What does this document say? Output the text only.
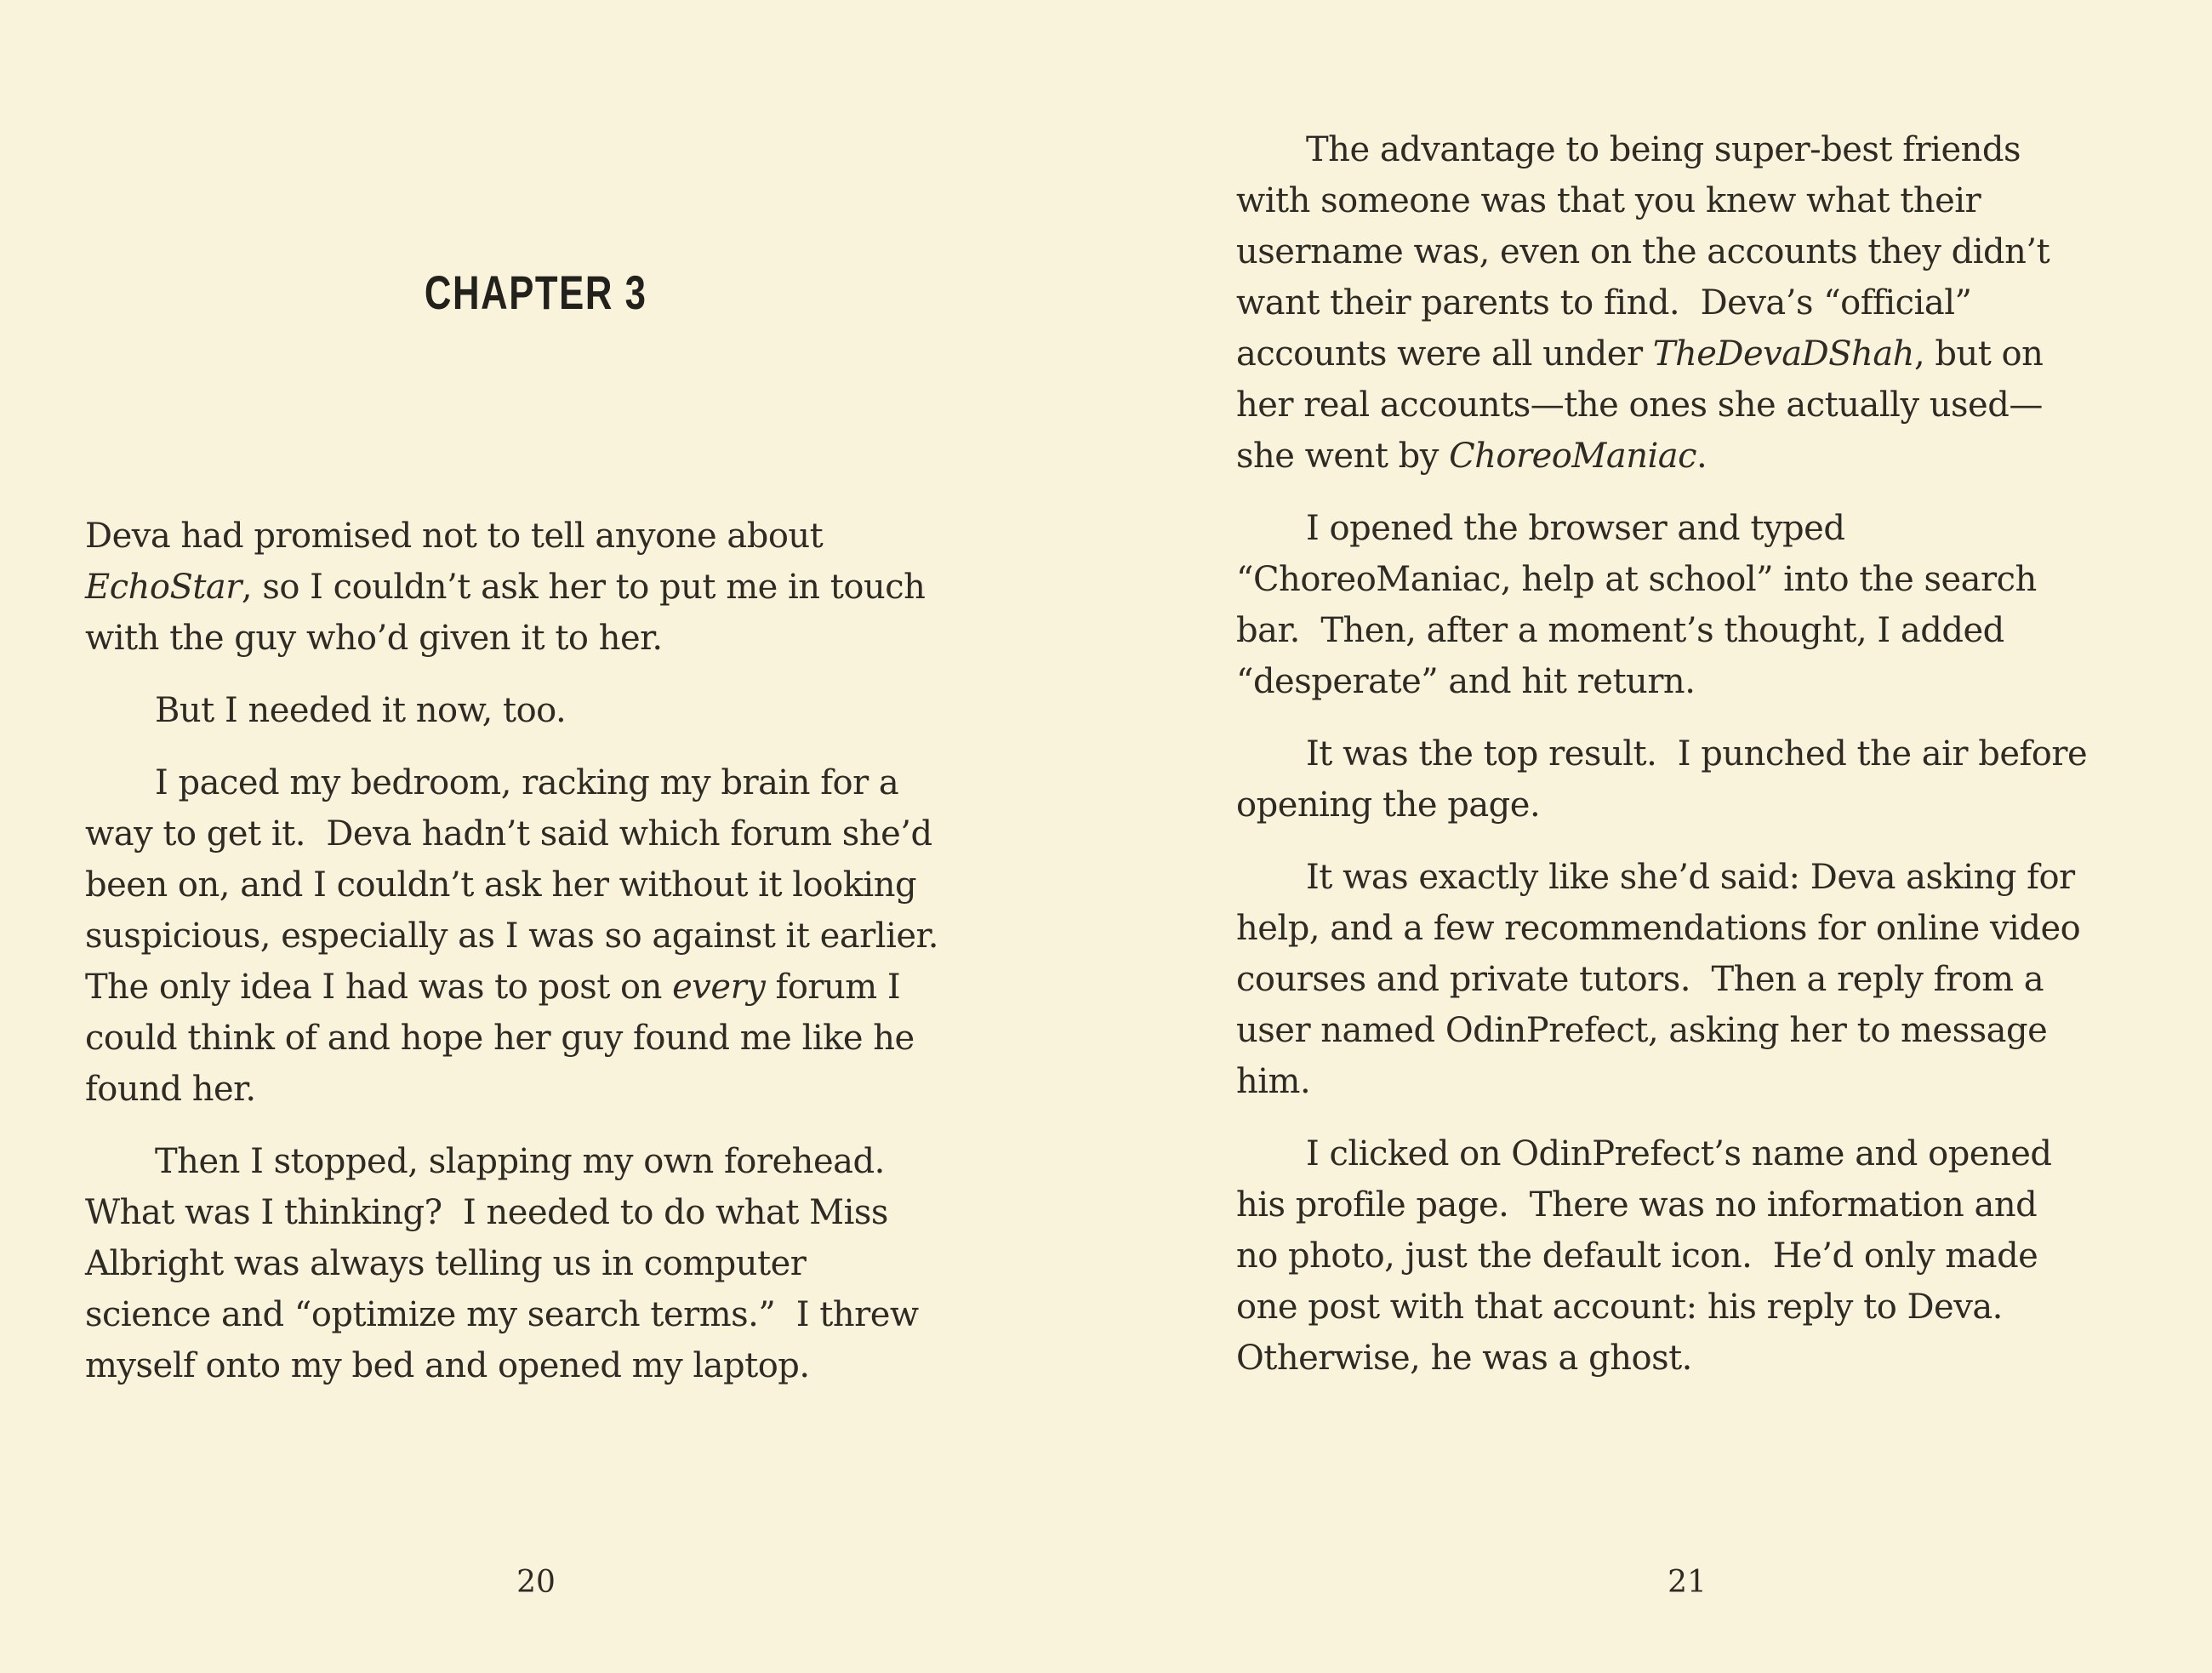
CHAPTER 3
Deva had promised not to tell anyone about
EchoStar, so I couldn’t ask her to put me in touch
with the guy who’d given it to her.
But I needed it now, too.
I paced my bedroom, racking my brain for a
way to get it.  Deva hadn’t said which forum she’d
been on, and I couldn’t ask her without it looking
suspicious, especially as I was so against it earlier.
The only idea I had was to post on every forum I
could think of and hope her guy found me like he
found her.
Then I stopped, slapping my own forehead.
What was I thinking?  I needed to do what Miss
Albright was always telling us in computer
science and “optimize my search terms.”  I threw
myself onto my bed and opened my laptop.
20
The advantage to being super-best friends
with someone was that you knew what their
username was, even on the accounts they didn’t
want their parents to find.  Deva’s “official”
accounts were all under TheDevaDShah, but on
her real accounts—the ones she actually used—
she went by ChoreoManiac.
I opened the browser and typed
“ChoreoManiac, help at school” into the search
bar.  Then, after a moment’s thought, I added
“desperate” and hit return.
It was the top result.  I punched the air before
opening the page.
It was exactly like she’d said: Deva asking for
help, and a few recommendations for online video
courses and private tutors.  Then a reply from a
user named OdinPrefect, asking her to message
him.
I clicked on OdinPrefect’s name and opened
his profile page.  There was no information and
no photo, just the default icon.  He’d only made
one post with that account: his reply to Deva.
Otherwise, he was a ghost.
21
